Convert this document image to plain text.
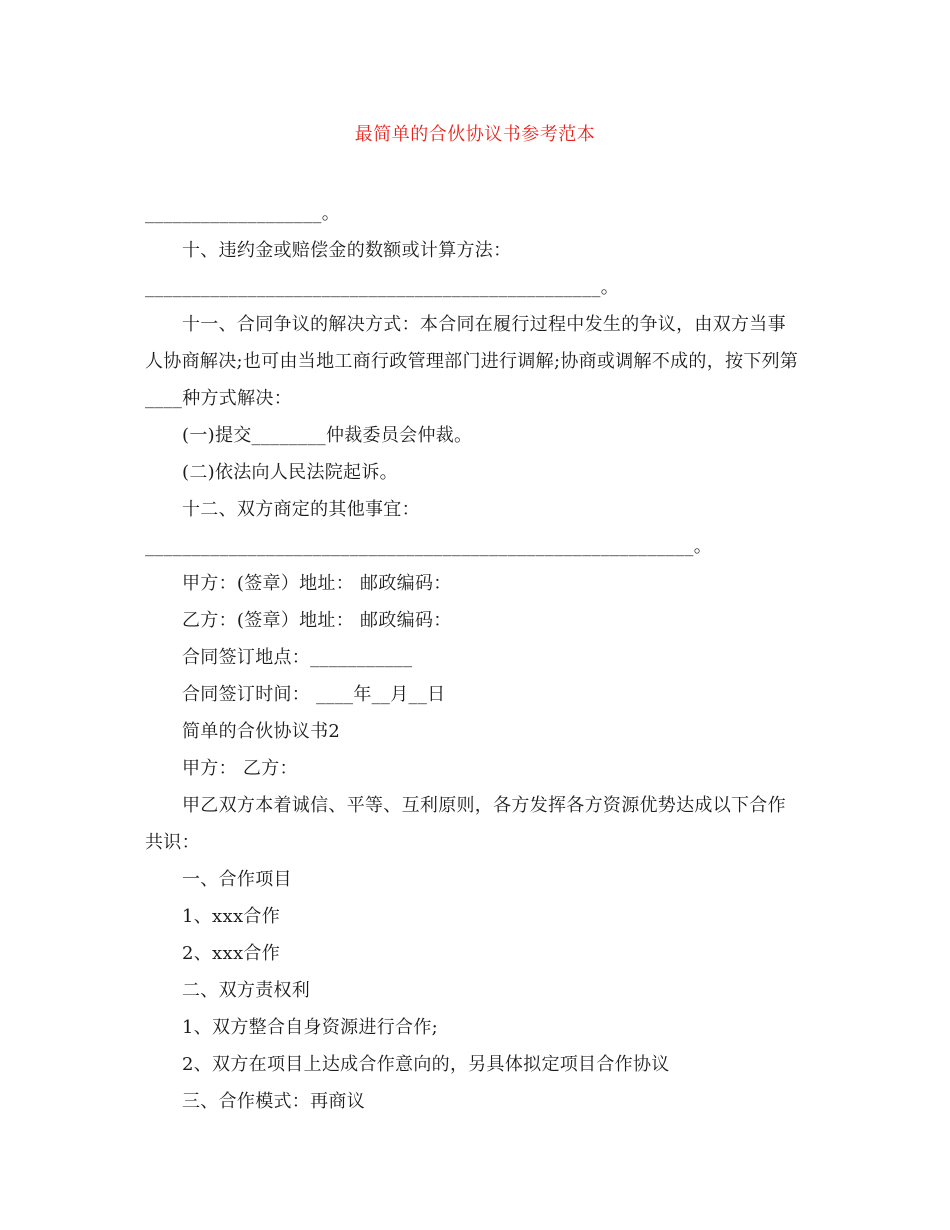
最简单的合伙协议书参考范本

___________________。

十、违约金或赔偿金的数额或计算方法：

_________________________________________________。

十一、合同争议的解决方式：本合同在履行过程中发生的争议，由双方当事人协商解决;也可由当地工商行政管理部门进行调解;协商或调解不成的，按下列第____种方式解决：

(一)提交________仲裁委员会仲裁。

(二)依法向人民法院起诉。

十二、双方商定的其他事宜：

___________________________________________________________。

甲方：(签章）地址： 邮政编码：

乙方：(签章）地址： 邮政编码：

合同签订地点：___________

合同签订时间： ____年__月__日

简单的合伙协议书2

甲方： 乙方：

甲乙双方本着诚信、平等、互利原则，各方发挥各方资源优势达成以下合作共识：

一、合作项目

1、xxx合作

2、xxx合作

二、双方责权利

1、双方整合自身资源进行合作;

2、双方在项目上达成合作意向的，另具体拟定项目合作协议

三、合作模式：再商议
